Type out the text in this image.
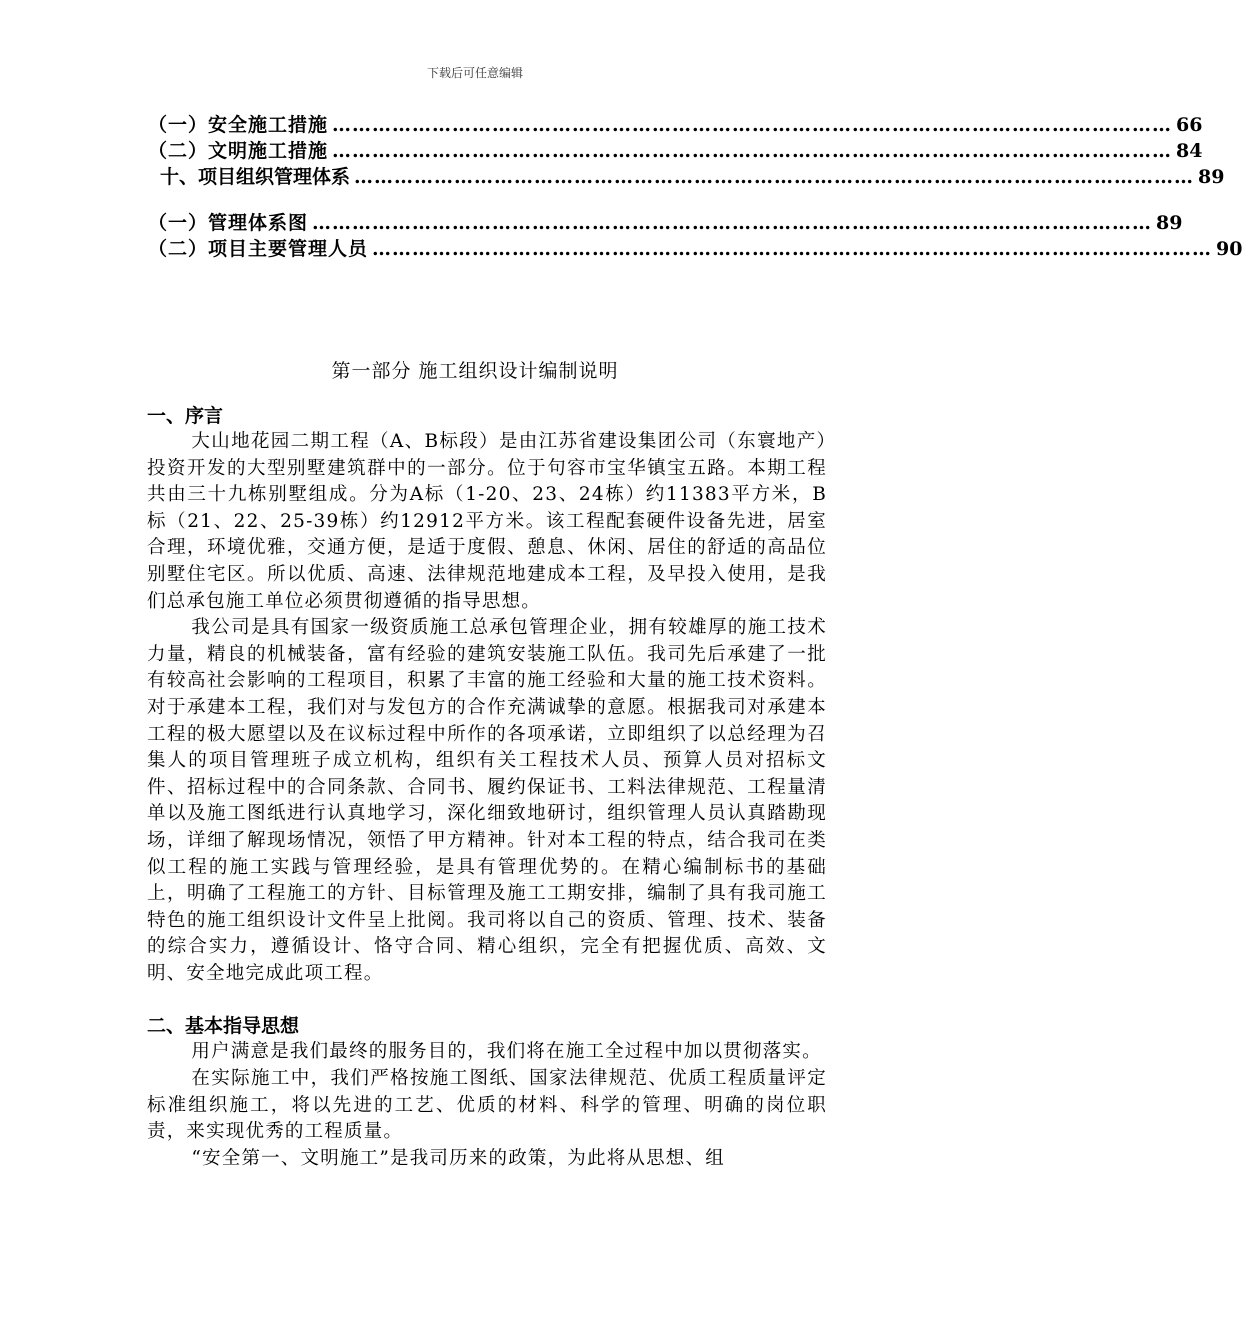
下载后可任意编辑
（一）安全施工措施 ……………………………………………………………………………………………………………… 66
（二）文明施工措施 ……………………………………………………………………………………………………………… 84
十、项目组织管理体系 ……………………………………………………………………………………………………………… 89
（一）管理体系图 ……………………………………………………………………………………………………………… 89
（二）项目主要管理人员 ……………………………………………………………………………………………………………… 90
第一部分 施工组织设计编制说明
一、序言

大山地花园二期工程（A、B标段）是由江苏省建设集团公司（东寰地产）投资开发的大型别墅建筑群中的一部分。位于句容市宝华镇宝五路。本期工程共由三十九栋别墅组成。分为A标（1-20、23、24栋）约11383平方米，B标（21、22、25-39栋）约12912平方米。该工程配套硬件设备先进，居室合理，环境优雅，交通方便，是适于度假、憩息、休闲、居住的舒适的高品位别墅住宅区。所以优质、高速、法律规范地建成本工程，及早投入使用，是我们总承包施工单位必须贯彻遵循的指导思想。

我公司是具有国家一级资质施工总承包管理企业，拥有较雄厚的施工技术力量，精良的机械装备，富有经验的建筑安装施工队伍。我司先后承建了一批有较高社会影响的工程项目，积累了丰富的施工经验和大量的施工技术资料。对于承建本工程，我们对与发包方的合作充满诚挚的意愿。根据我司对承建本工程的极大愿望以及在议标过程中所作的各项承诺，立即组织了以总经理为召集人的项目管理班子成立机构，组织有关工程技术人员、预算人员对招标文件、招标过程中的合同条款、合同书、履约保证书、工料法律规范、工程量清单以及施工图纸进行认真地学习，深化细致地研讨，组织管理人员认真踏勘现场，详细了解现场情况，领悟了甲方精神。针对本工程的特点，结合我司在类似工程的施工实践与管理经验，是具有管理优势的。在精心编制标书的基础上，明确了工程施工的方针、目标管理及施工工期安排，编制了具有我司施工特色的施工组织设计文件呈上批阅。我司将以自己的资质、管理、技术、装备的综合实力，遵循设计、恪守合同、精心组织，完全有把握优质、高效、文明、安全地完成此项工程。

二、基本指导思想

用户满意是我们最终的服务目的，我们将在施工全过程中加以贯彻落实。

在实际施工中，我们严格按施工图纸、国家法律规范、优质工程质量评定标准组织施工，将以先进的工艺、优质的材料、科学的管理、明确的岗位职责，来实现优秀的工程质量。

“安全第一、文明施工”是我司历来的政策，为此将从思想、组
